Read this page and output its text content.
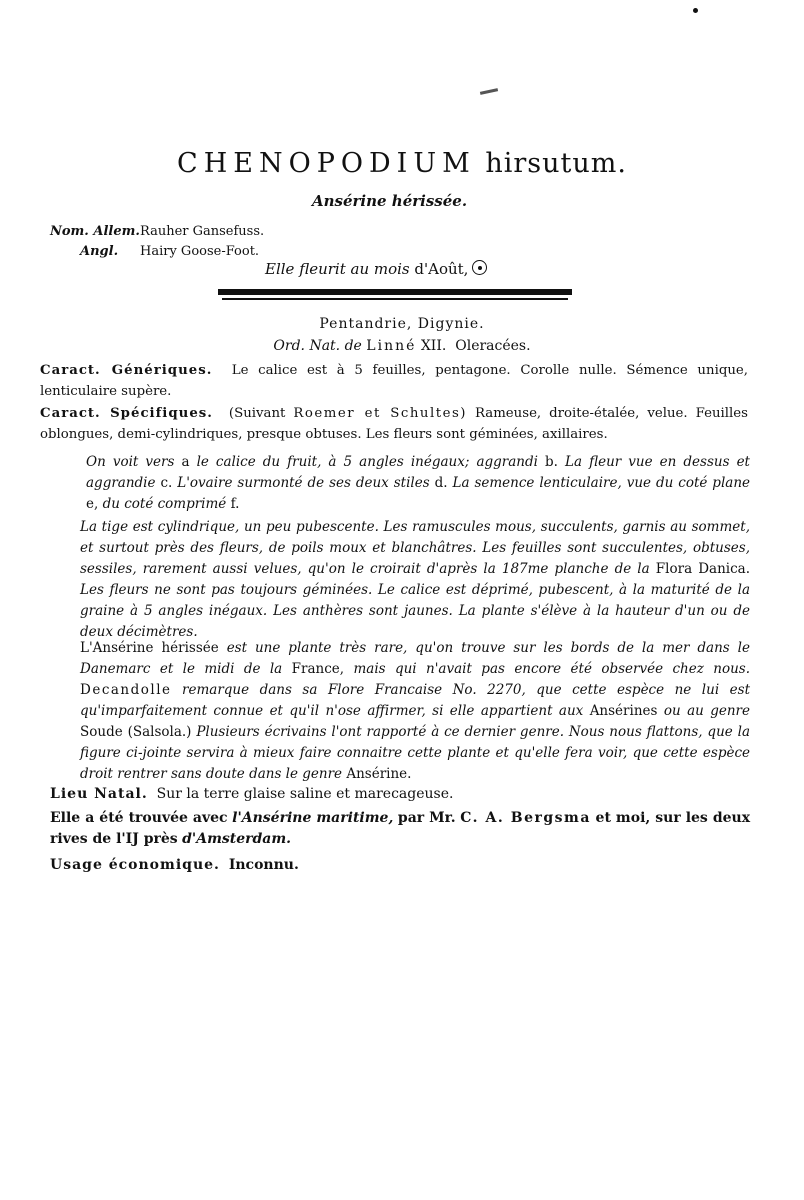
CHENOPODIUM hirsutum.
Ansérine hérissée.
Nom. Allem.Rauher Gansefuss.
Angl. Hairy Goose-Foot.
Elle fleurit au mois d'Août,
Pentandrie, Digynie.
Ord. Nat. de Linné XII. Oleracées.

Caract. Génériques. Le calice est à 5 feuilles, pentagone. Corolle nulle. Sémence unique, lenticulaire supère.

Caract. Spécifiques. (Suivant Roemer et Schultes) Rameuse, droite-étalée, velue. Feuilles oblongues, demi-cylindriques, presque obtuses. Les fleurs sont géminées, axillaires.

On voit vers a le calice du fruit, à 5 angles inégaux; aggrandi b. La fleur vue en dessus et aggrandie c. L'ovaire surmonté de ses deux stiles d. La semence lenticulaire, vue du coté plane e, du coté comprimé f.

La tige est cylindrique, un peu pubescente. Les ramuscules mous, succulents, garnis au sommet, et surtout près des fleurs, de poils moux et blanchâtres. Les feuilles sont succulentes, obtuses, sessiles, rarement aussi velues, qu'on le croirait d'après la 187me planche de la Flora Danica. Les fleurs ne sont pas toujours géminées. Le calice est déprimé, pubescent, à la maturité de la graine à 5 angles inégaux. Les anthères sont jaunes. La plante s'élève à la hauteur d'un ou de deux décimètres.

L'Ansérine hérissée est une plante très rare, qu'on trouve sur les bords de la mer dans le Danemarc et le midi de la France, mais qui n'avait pas encore été observée chez nous. Decandolle remarque dans sa Flore Francaise No. 2270, que cette espèce ne lui est qu'imparfaitement connue et qu'il n'ose affirmer, si elle appartient aux Ansérines ou au genre Soude (Salsola.) Plusieurs écrivains l'ont rapporté à ce dernier genre. Nous nous flattons, que la figure ci-jointe servira à mieux faire connaitre cette plante et qu'elle fera voir, que cette espèce droit rentrer sans doute dans le genre Ansérine.

Lieu Natal. Sur la terre glaise saline et marecageuse.

Elle a été trouvée avec l'Ansérine maritime, par Mr. C. A. Bergsma et moi, sur les deux rives de l'IJ près d'Amsterdam.

Usage économique. Inconnu.
